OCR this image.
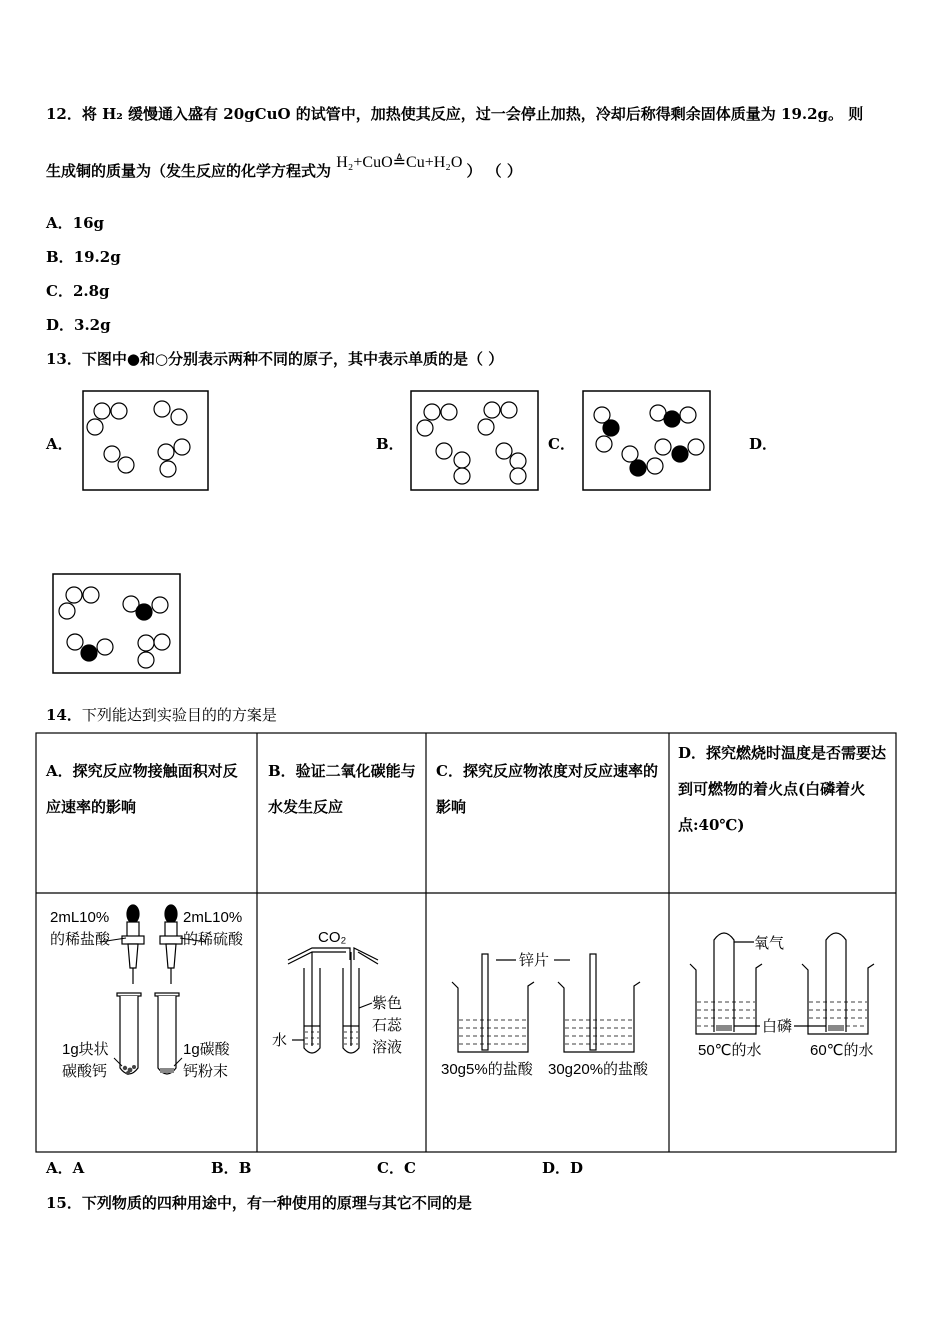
12．将 H₂ 缓慢通入盛有 20gCuO 的试管中，加热使其反应，过一会停止加热，冷却后称得剩余固体质量为 19.2g。 则
生成铜的质量为（发生反应的化学方程式为 H₂+CuO≜Cu+H₂O ） （ ）
A．16g
B．19.2g
C．2.8g
D．3.2g
13．下图中●和○分别表示两种不同的原子，其中表示单质的是（ ）
A．	B．	C．	D．
14．下列能达到实验目的的方案是
A．探究反应物接触面积对反应速率的影响
B．验证二氧化碳能与水发生反应
C．探究反应物浓度对反应速率的影响
D．探究燃烧时温度是否需要达到可燃物的着火点(白磷着火点:40℃)
2mL10%
的稀盐酸
2mL10%
的稀硫酸
1g块状
碳酸钙
1g碳酸
钙粉末
CO₂
水
紫色
石蕊
溶液
锌片
30g5%的盐酸 30g20%的盐酸
氧气
白磷
50℃的水	60℃的水
A．A	B．B	C．C	D．D
15．下列物质的四种用途中，有一种使用的原理与其它不同的是
